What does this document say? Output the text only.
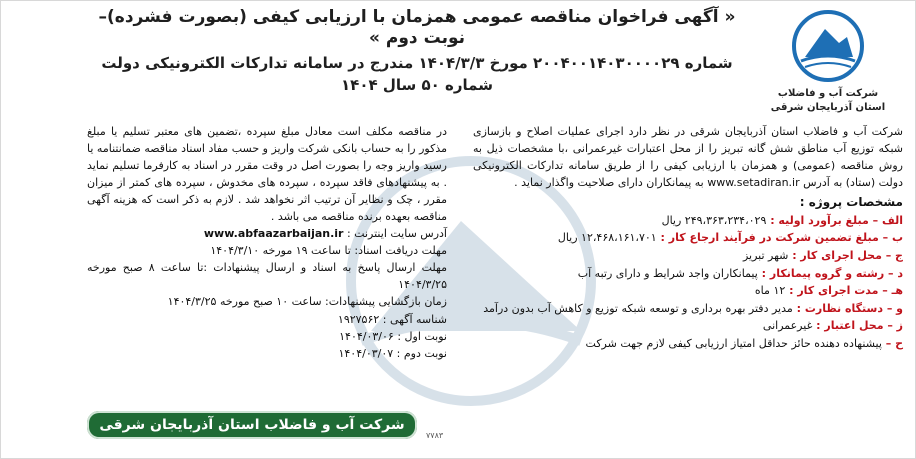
شرکت آب و فاضلاب
استان آذربایجان شرقی
« آگهی فراخوان مناقصه عمومی همزمان با ارزیابی کیفی (بصورت فشرده)– نوبت دوم »
شماره ۲۰۰۴۰۰۱۴۰۳۰۰۰۰۲۹ مورخ ۱۴۰۴/۳/۳ مندرج در سامانه تدارکات الکترونیکی دولت
شماره ۵۰ سال ۱۴۰۴
شرکت آب و فاضلاب استان آذربایجان شرقی در نظر دارد اجرای عملیات اصلاح و بازسازی شبکه توزیع آب مناطق شش گانه تبریز را از محل اعتبارات غیرعمرانی ،با مشخصات ذیل به روش مناقصه (عمومی) و همزمان با ارزیابی کیفی را از طریق سامانه تدارکات الکترونیکی دولت (ستاد) به آدرس www.setadiran.ir به پیمانکاران دارای صلاحیت واگذار نماید .
مشخصات پروژه :
الف – مبلغ برآورد اولیه : ۲۴۹،۳۶۳،۲۳۴،۰۲۹ ریال
ب – مبلغ تضمین شرکت در فرآیند ارجاع کار : ۱۲،۴۶۸،۱۶۱،۷۰۱ ریال
ج – محل اجرای کار : شهر تبریز
د – رشته و گروه پیمانکار : پیمانکاران واجد شرایط و دارای رتبه آب
هـ – مدت اجرای کار : ۱۲ ماه
و – دستگاه نظارت : مدیر دفتر بهره برداری و توسعه شبکه توزیع و کاهش آب بدون درآمد
ز – محل اعتبار : غیرعمرانی
ح – پیشنهاده دهنده حائز حداقل امتیاز ارزیابی کیفی لازم جهت شرکت
در مناقصه مکلف است معادل مبلغ سپرده ،تضمین های معتبر تسلیم یا مبلغ مذکور را به حساب بانکی شرکت واریز و حسب مفاد اسناد مناقصه ضمانتنامه یا رسید واریز وجه را بصورت اصل در وقت مقرر در اسناد به کارفرما تسلیم نماید . به پیشنهادهای فاقد سپرده ، سپرده های مخدوش ، سپرده های کمتر از میزان مقرر ، چک و نظایر آن ترتیب اثر نخواهد شد . لازم به ذکر است که هزینه آگهی مناقصه بعهده برنده مناقصه می باشد .
آدرس سایت اینترنت : www.abfaazarbaijan.ir
مهلت دریافت اسناد: تا ساعت ۱۹ مورخه ۱۴۰۴/۳/۱۰
مهلت ارسال پاسخ به اسناد و ارسال پیشنهادات :تا ساعت ۸ صبح مورخه ۱۴۰۴/۳/۲۵
زمان بازگشایی پیشنهادات: ساعت ۱۰ صبح مورخه ۱۴۰۴/۳/۲۵
شناسه آگهی : ۱۹۲۷۵۶۲
نوبت اول : ۱۴۰۴/۰۳/۰۶
نوبت دوم : ۱۴۰۴/۰۳/۰۷
شرکت آب و فاضلاب استان آذربایجان شرقی
۷۷۸۳
